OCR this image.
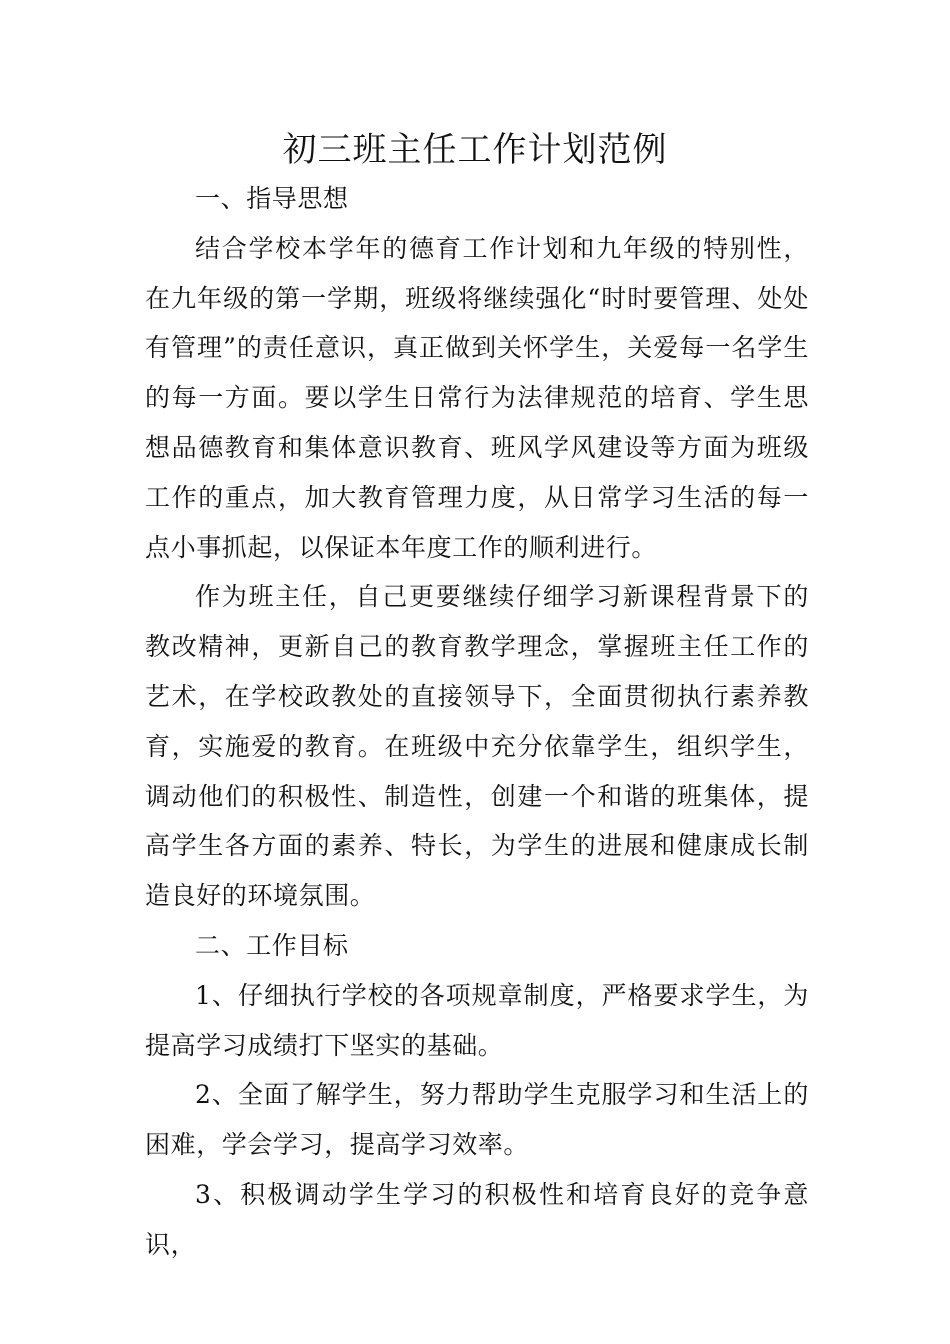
初三班主任工作计划范例

一、指导思想

结合学校本学年的德育工作计划和九年级的特别性，在九年级的第一学期，班级将继续强化“时时要管理、处处有管理”的责任意识，真正做到关怀学生，关爱每一名学生的每一方面。要以学生日常行为法律规范的培育、学生思想品德教育和集体意识教育、班风学风建设等方面为班级工作的重点，加大教育管理力度，从日常学习生活的每一点小事抓起，以保证本年度工作的顺利进行。

作为班主任，自己更要继续仔细学习新课程背景下的教改精神，更新自己的教育教学理念，掌握班主任工作的艺术，在学校政教处的直接领导下，全面贯彻执行素养教育，实施爱的教育。在班级中充分依靠学生，组织学生，调动他们的积极性、制造性，创建一个和谐的班集体，提高学生各方面的素养、特长，为学生的进展和健康成长制造良好的环境氛围。

二、工作目标

1、仔细执行学校的各项规章制度，严格要求学生，为提高学习成绩打下坚实的基础。

2、全面了解学生，努力帮助学生克服学习和生活上的困难，学会学习，提高学习效率。

3、积极调动学生学习的积极性和培育良好的竞争意识，
